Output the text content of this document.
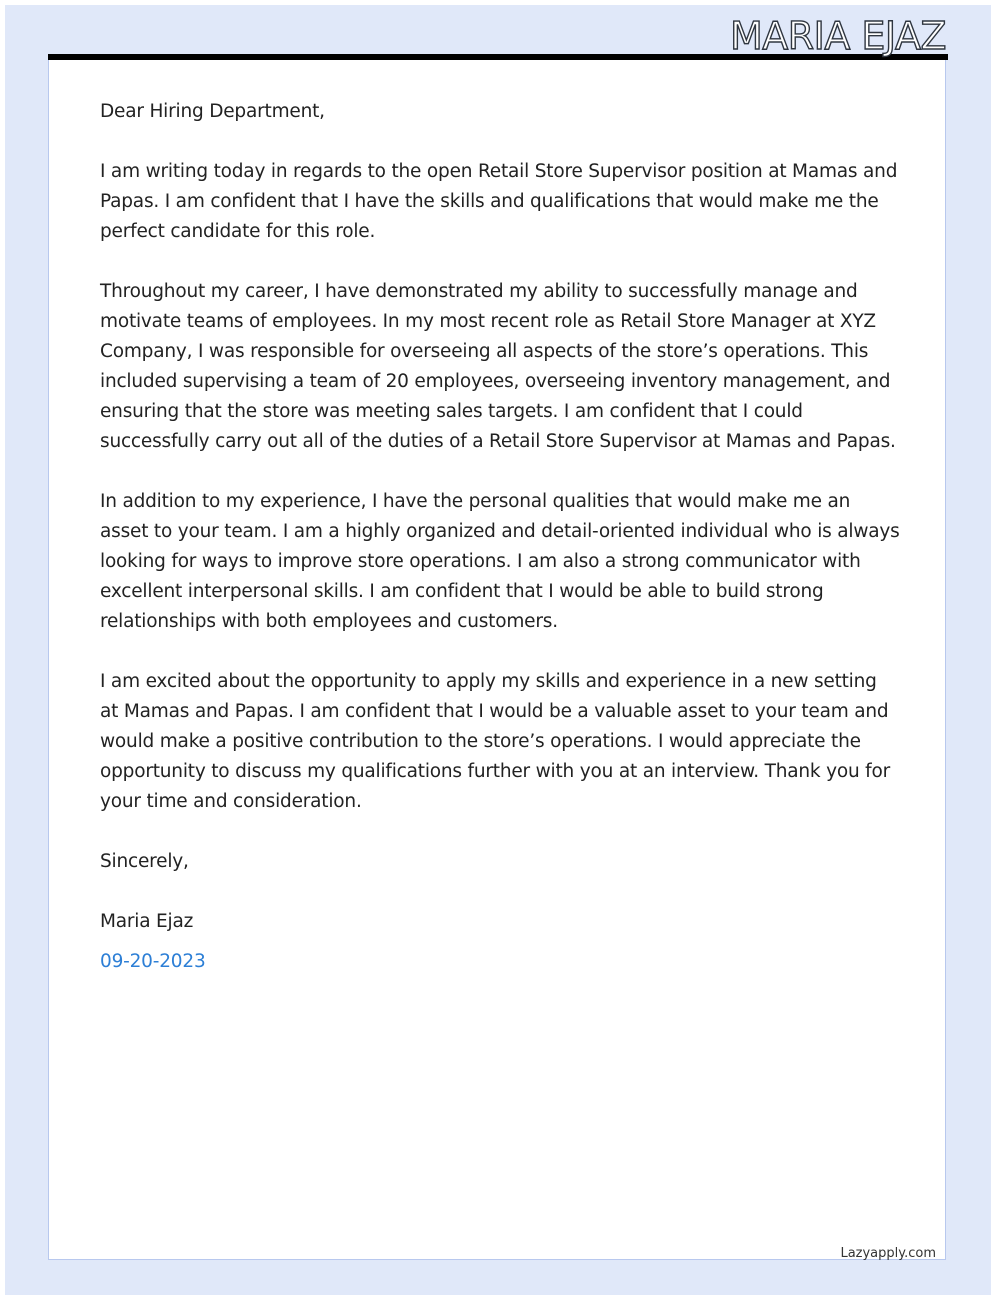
MARIA EJAZ

Dear Hiring Department,

I am writing today in regards to the open Retail Store Supervisor position at Mamas and Papas. I am confident that I have the skills and qualifications that would make me the perfect candidate for this role.

Throughout my career, I have demonstrated my ability to successfully manage and motivate teams of employees. In my most recent role as Retail Store Manager at XYZ Company, I was responsible for overseeing all aspects of the store’s operations. This included supervising a team of 20 employees, overseeing inventory management, and ensuring that the store was meeting sales targets. I am confident that I could successfully carry out all of the duties of a Retail Store Supervisor at Mamas and Papas.

In addition to my experience, I have the personal qualities that would make me an asset to your team. I am a highly organized and detail-oriented individual who is always looking for ways to improve store operations. I am also a strong communicator with excellent interpersonal skills. I am confident that I would be able to build strong relationships with both employees and customers.

I am excited about the opportunity to apply my skills and experience in a new setting at Mamas and Papas. I am confident that I would be a valuable asset to your team and would make a positive contribution to the store’s operations. I would appreciate the opportunity to discuss my qualifications further with you at an interview. Thank you for your time and consideration.

Sincerely,

Maria Ejaz

09-20-2023

Lazyapply.com
